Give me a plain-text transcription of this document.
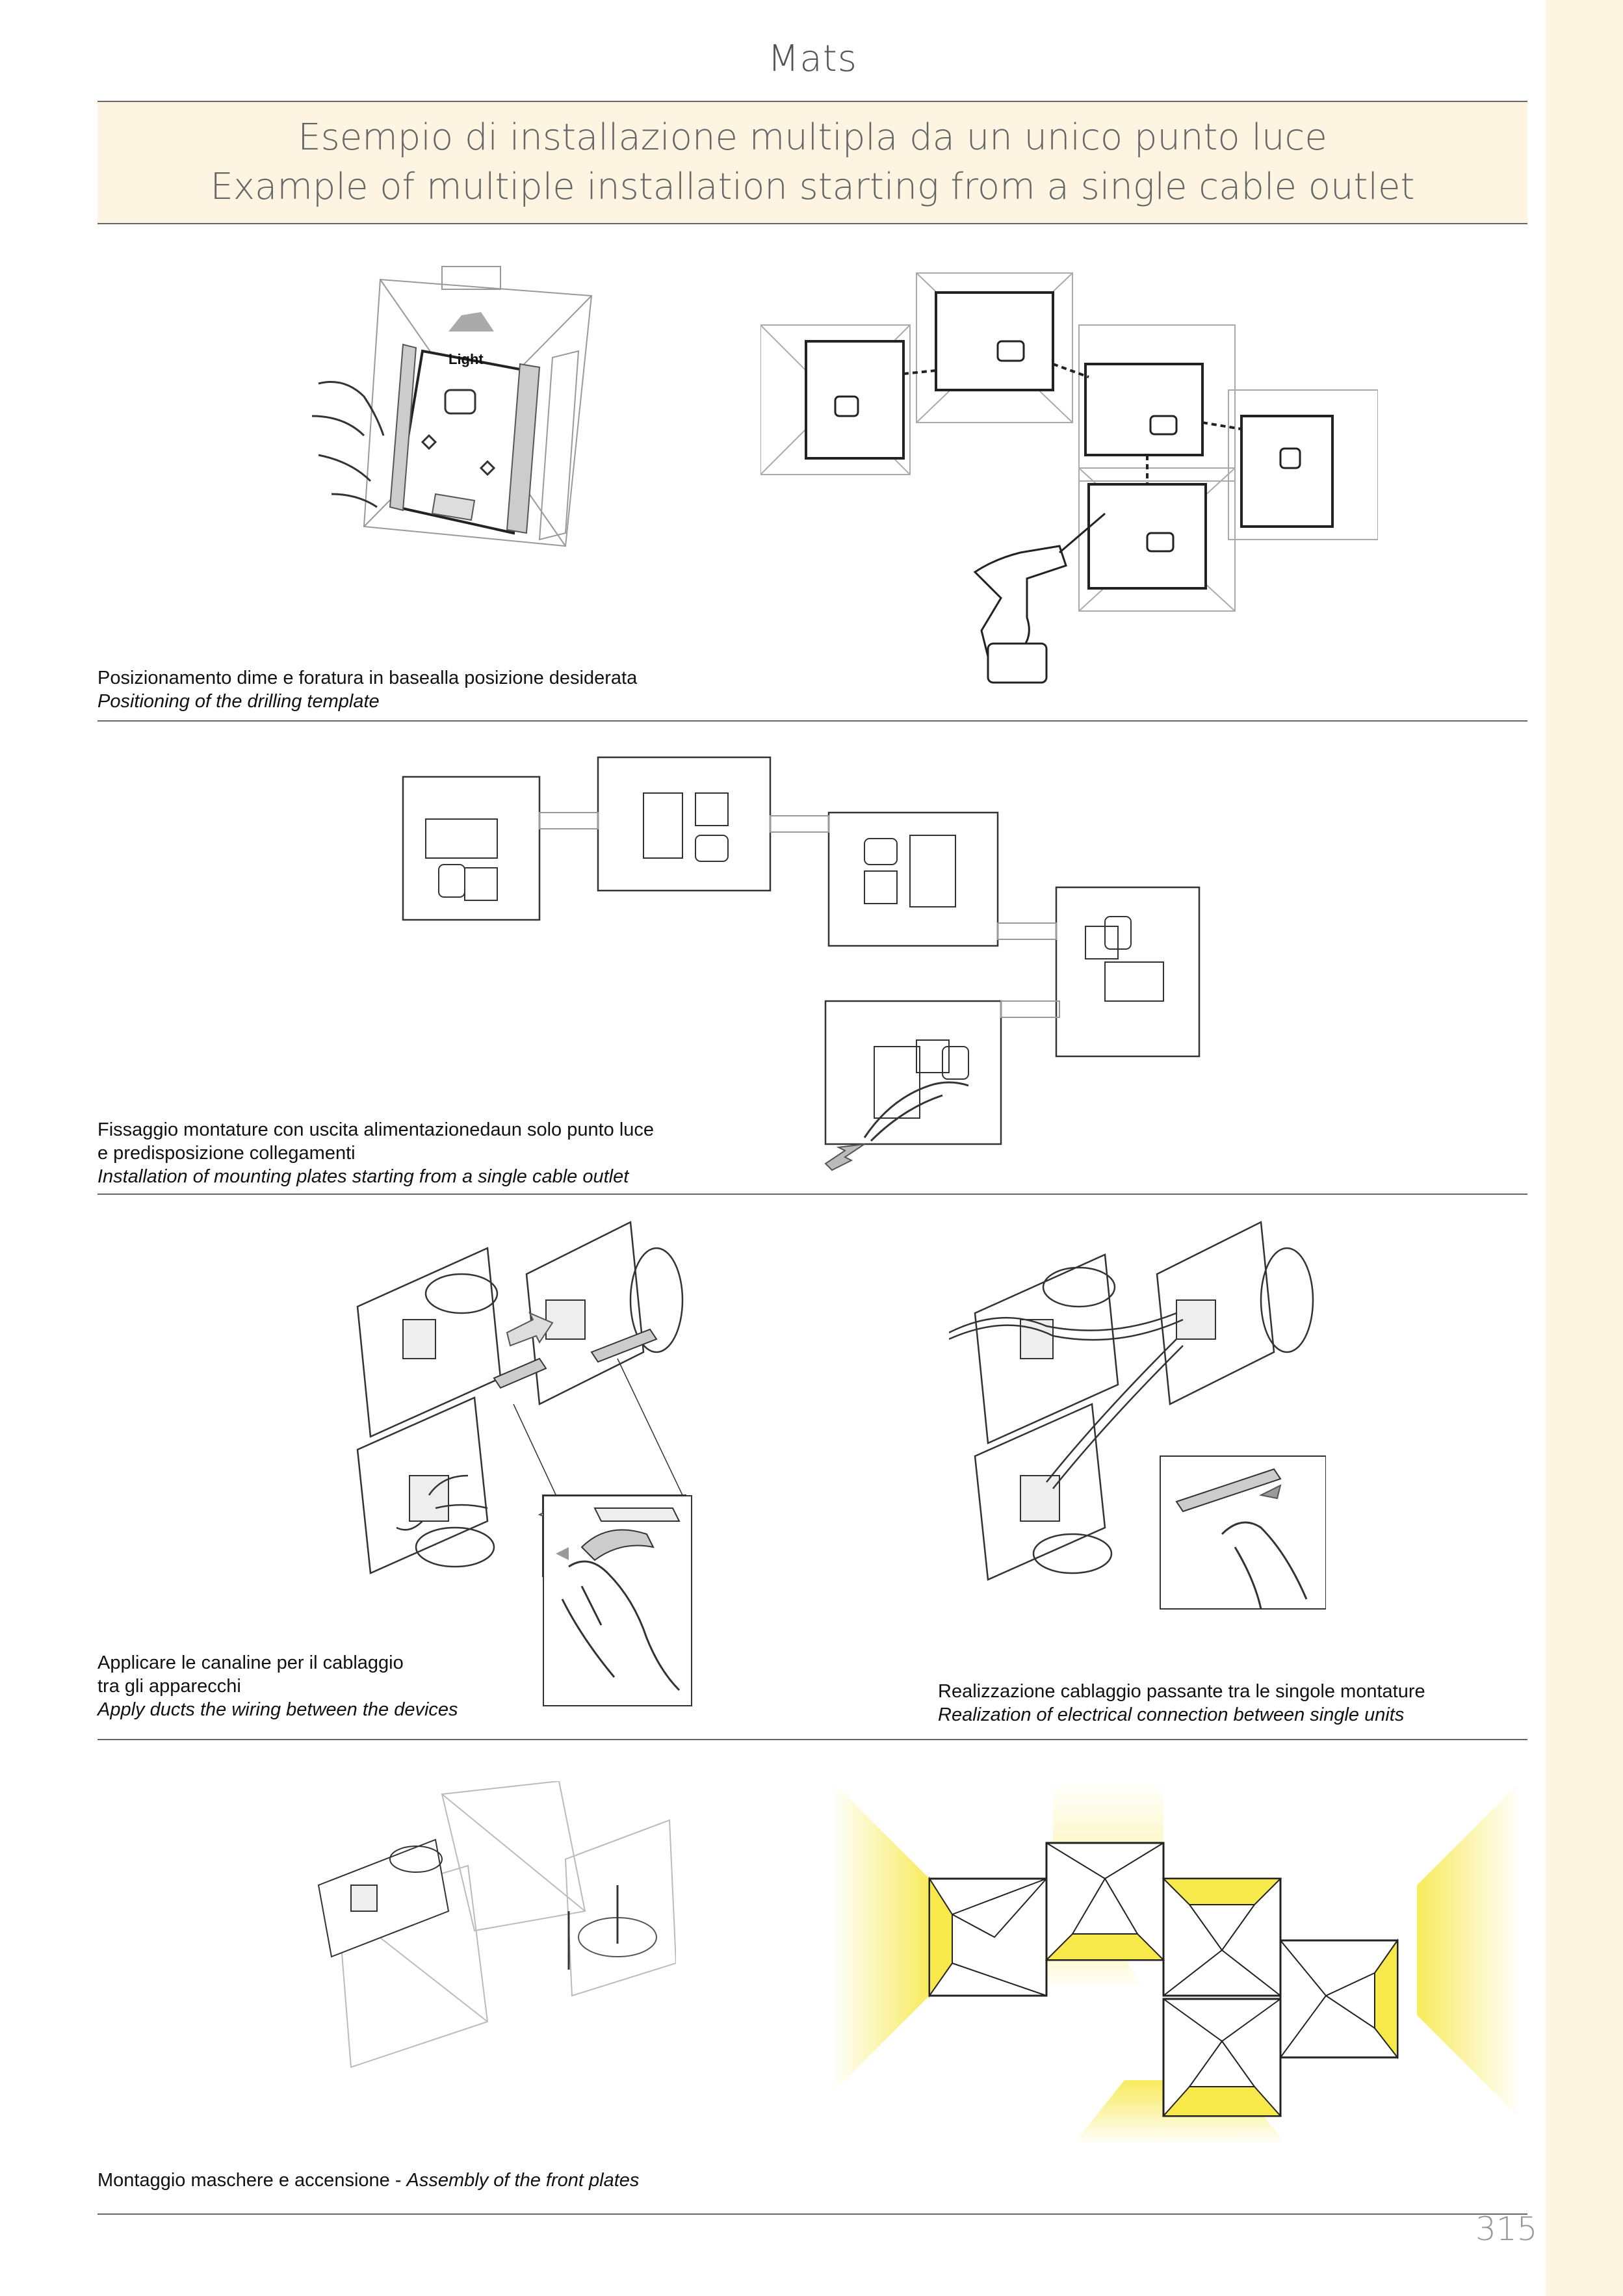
Mats
Esempio di installazione multipla da un unico punto luce
Example of multiple installation starting from a single cable outlet
Light
Posizionamento dime e foratura in basealla posizione desiderata
Positioning of the drilling template
Fissaggio montature con uscita alimentazionedaun solo punto luce
e predisposizione collegamenti
Installation of mounting plates starting from a single cable outlet
Applicare le canaline per il cablaggio
tra gli apparecchi
Apply ducts the wiring between the devices
Realizzazione cablaggio passante tra le singole montature
Realization of electrical connection between single units
Montaggio maschere e accensione - Assembly of the front plates
315
